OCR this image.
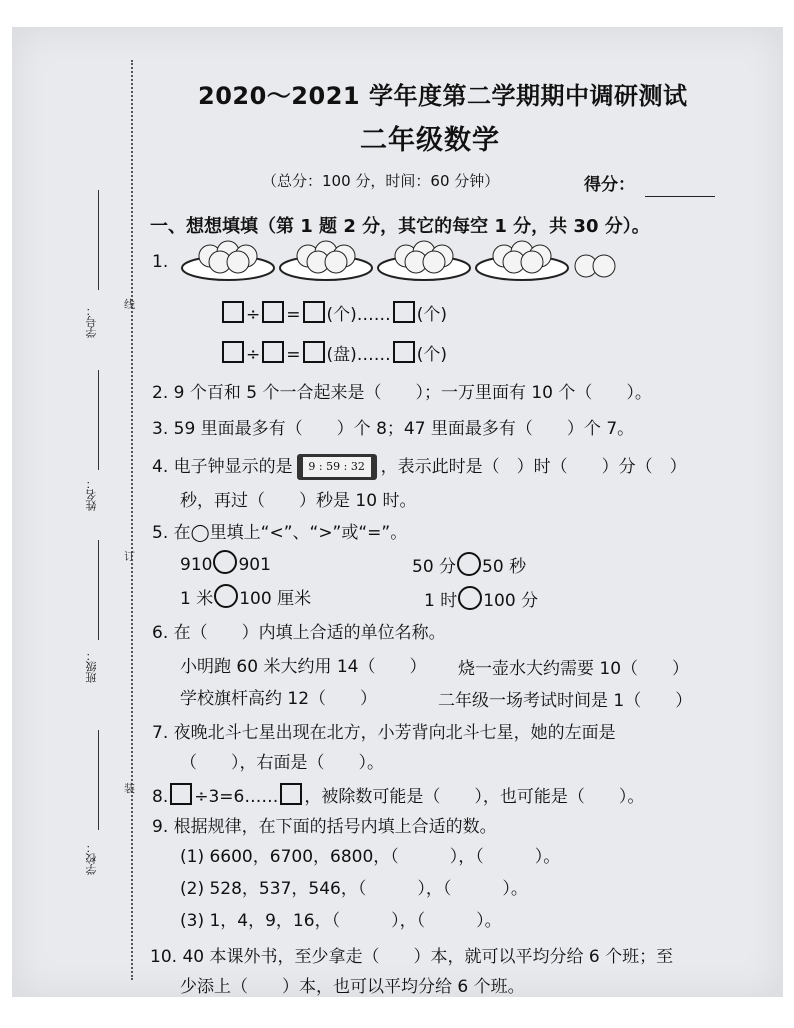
线
订
装
学号：
姓名：
班级：
学校：
2020～2021 学年度第二学期期中调研测试
二年级数学
（总分：100 分，时间：60 分钟）	得分：
一、想想填填（第 1 题 2 分，其它的每空 1 分，共 30 分）。
1.
÷ = (个)…… (个)
÷ = (盘)…… (个)
2. 9 个百和 5 个一合起来是（　　）；一万里面有 10 个（　　）。
3. 59 里面最多有（　　）个 8；47 里面最多有（　　）个 7。
4. 电子钟显示的是	9 : 59 : 32 ，表示此时是（　）时（　　）分（　）
秒，再过（　　）秒是 10 时。
5. 在◯里填上“<”、“>”或“=”。
910 901	50 分 50 秒
1 米 100 厘米	1 时 100 分
6. 在（　　）内填上合适的单位名称。
小明跑 60 米大约用 14（　　） 烧一壶水大约需要 10（　　）
学校旗杆高约 12（　　）	二年级一场考试时间是 1（　　）
7. 夜晚北斗七星出现在北方，小芳背向北斗七星，她的左面是
（　　），右面是（　　）。
8. ÷3=6…… ，被除数可能是（　　），也可能是（　　）。
9. 根据规律，在下面的括号内填上合适的数。
(1) 6600，6700，6800，（　　　），（　　　）。
(2) 528，537，546，（　　　），（　　　）。
(3) 1，4，9，16，（　　　），（　　　）。
10. 40 本课外书，至少拿走（　　）本，就可以平均分给 6 个班；至
少添上（　　）本，也可以平均分给 6 个班。
